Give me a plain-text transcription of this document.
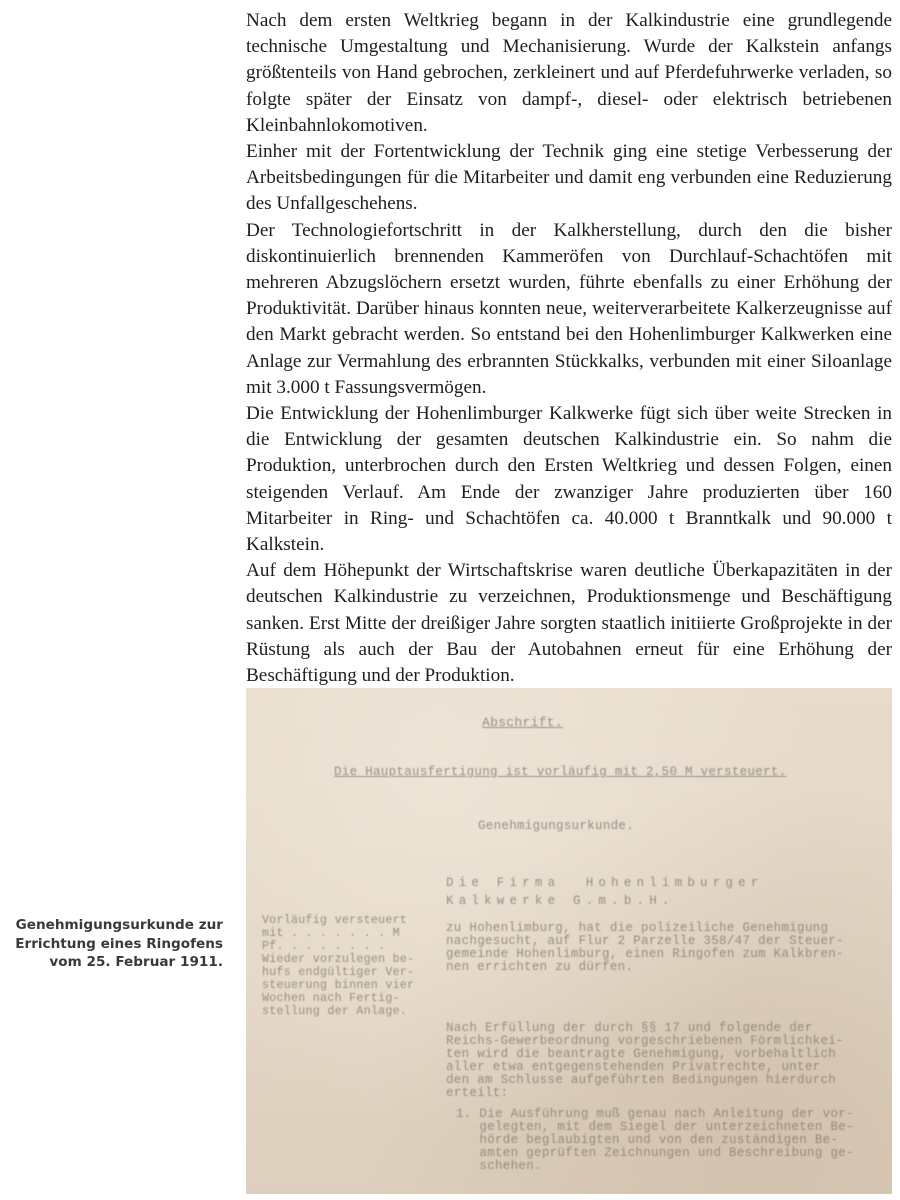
Nach dem ersten Weltkrieg begann in der Kalkindustrie eine grundlegende technische Umgestaltung und Mechanisierung. Wurde der Kalkstein anfangs größtenteils von Hand gebrochen, zerkleinert und auf Pferdefuhrwerke verladen, so folgte später der Einsatz von dampf-, diesel- oder elektrisch betriebenen Kleinbahnlokomotiven.

Einher mit der Fortentwicklung der Technik ging eine stetige Verbesserung der Arbeitsbedingungen für die Mitarbeiter und damit eng verbunden eine Reduzierung des Unfallgeschehens.

Der Technologiefortschritt in der Kalkherstellung, durch den die bisher diskontinuierlich brennenden Kammeröfen von Durchlauf-Schachtöfen mit mehreren Abzugslöchern ersetzt wurden, führte ebenfalls zu einer Erhöhung der Produktivität. Darüber hinaus konnten neue, weiterverarbeitete Kalkerzeugnisse auf den Markt gebracht werden. So entstand bei den Hohenlimburger Kalkwerken eine Anlage zur Vermahlung des erbrannten Stückkalks, verbunden mit einer Siloanlage mit 3.000 t Fassungsvermögen.

Die Entwicklung der Hohenlimburger Kalkwerke fügt sich über weite Strecken in die Entwicklung der gesamten deutschen Kalkindustrie ein. So nahm die Produktion, unterbrochen durch den Ersten Weltkrieg und dessen Folgen, einen steigenden Verlauf. Am Ende der zwanziger Jahre produzierten über 160 Mitarbeiter in Ring- und Schachtöfen ca. 40.000 t Branntkalk und 90.000 t Kalkstein.

Auf dem Höhepunkt der Wirtschaftskrise waren deutliche Überkapazitäten in der deutschen Kalkindustrie zu verzeichnen, Produktionsmenge und Beschäftigung sanken. Erst Mitte der dreißiger Jahre sorgten staatlich initiierte Großprojekte in der Rüstung als auch der Bau der Autobahnen erneut für eine Erhöhung der Beschäftigung und der Produktion.

Genehmigungsurkunde zur
Errichtung eines Ringofens
vom 25. Februar 1911.
Abschrift.
Die Hauptausfertigung ist vorläufig mit 2,50 M versteuert.
Genehmigungsurkunde.
Die Firma  Hohenlimburger
Kalkwerke G.m.b.H.
zu Hohenlimburg, hat die polizeiliche Genehmigung
nachgesucht, auf Flur 2 Parzelle 358/47 der Steuer-
gemeinde Hohenlimburg, einen Ringofen zum Kalkbren-
nen errichten zu dürfen.
Vorläufig versteuert
mit . . . . . . . M
Pf. . . . . . . .
Wieder vorzulegen be-
hufs endgültiger Ver-
steuerung binnen vier
Wochen nach Fertig-
stellung der Anlage.
Nach Erfüllung der durch §§ 17 und folgende der
Reichs-Gewerbeordnung vorgeschriebenen Förmlichkei-
ten wird die beantragte Genehmigung, vorbehaltlich
aller etwa entgegenstehenden Privatrechte, unter
den am Schlusse aufgeführten Bedingungen hierdurch
erteilt:
1. Die Ausführung muß genau nach Anleitung der vor-
gelegten, mit dem Siegel der unterzeichneten Be-
hörde beglaubigten und von den zuständigen Be-
amten geprüften Zeichnungen und Beschreibung ge-
schehen.
